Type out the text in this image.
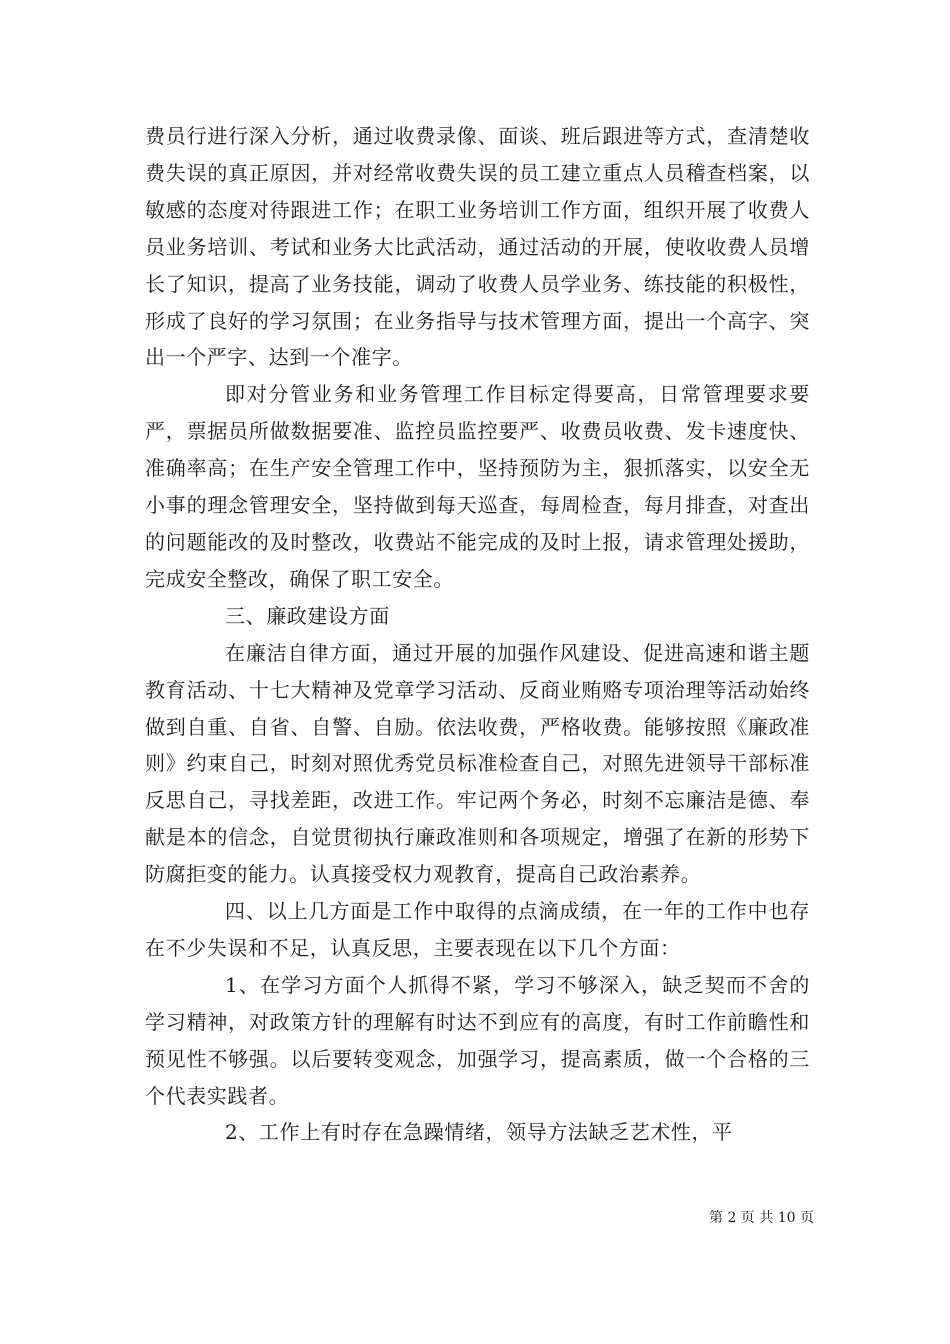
费员行进行深入分析，通过收费录像、面谈、班后跟进等方式，查清楚收费失误的真正原因，并对经常收费失误的员工建立重点人员稽查档案，以敏感的态度对待跟进工作；在职工业务培训工作方面，组织开展了收费人员业务培训、考试和业务大比武活动，通过活动的开展，使收收费人员增长了知识，提高了业务技能，调动了收费人员学业务、练技能的积极性，形成了良好的学习氛围；在业务指导与技术管理方面，提出一个高字、突出一个严字、达到一个准字。

即对分管业务和业务管理工作目标定得要高，日常管理要求要严，票据员所做数据要准、监控员监控要严、收费员收费、发卡速度快、准确率高；在生产安全管理工作中，坚持预防为主，狠抓落实，以安全无小事的理念管理安全，坚持做到每天巡查，每周检查，每月排查，对查出的问题能改的及时整改，收费站不能完成的及时上报，请求管理处援助，完成安全整改，确保了职工安全。

三、廉政建设方面

在廉洁自律方面，通过开展的加强作风建设、促进高速和谐主题教育活动、十七大精神及党章学习活动、反商业贿赂专项治理等活动始终做到自重、自省、自警、自励。依法收费，严格收费。能够按照《廉政准则》约束自己，时刻对照优秀党员标准检查自己，对照先进领导干部标准反思自己，寻找差距，改进工作。牢记两个务必，时刻不忘廉洁是德、奉献是本的信念，自觉贯彻执行廉政准则和各项规定，增强了在新的形势下防腐拒变的能力。认真接受权力观教育，提高自己政治素养。

四、以上几方面是工作中取得的点滴成绩，在一年的工作中也存在不少失误和不足，认真反思，主要表现在以下几个方面：

1、在学习方面个人抓得不紧，学习不够深入，缺乏契而不舍的学习精神，对政策方针的理解有时达不到应有的高度，有时工作前瞻性和预见性不够强。以后要转变观念，加强学习，提高素质，做一个合格的三个代表实践者。

2、工作上有时存在急躁情绪，领导方法缺乏艺术性，平

第 2 页 共 10 页
